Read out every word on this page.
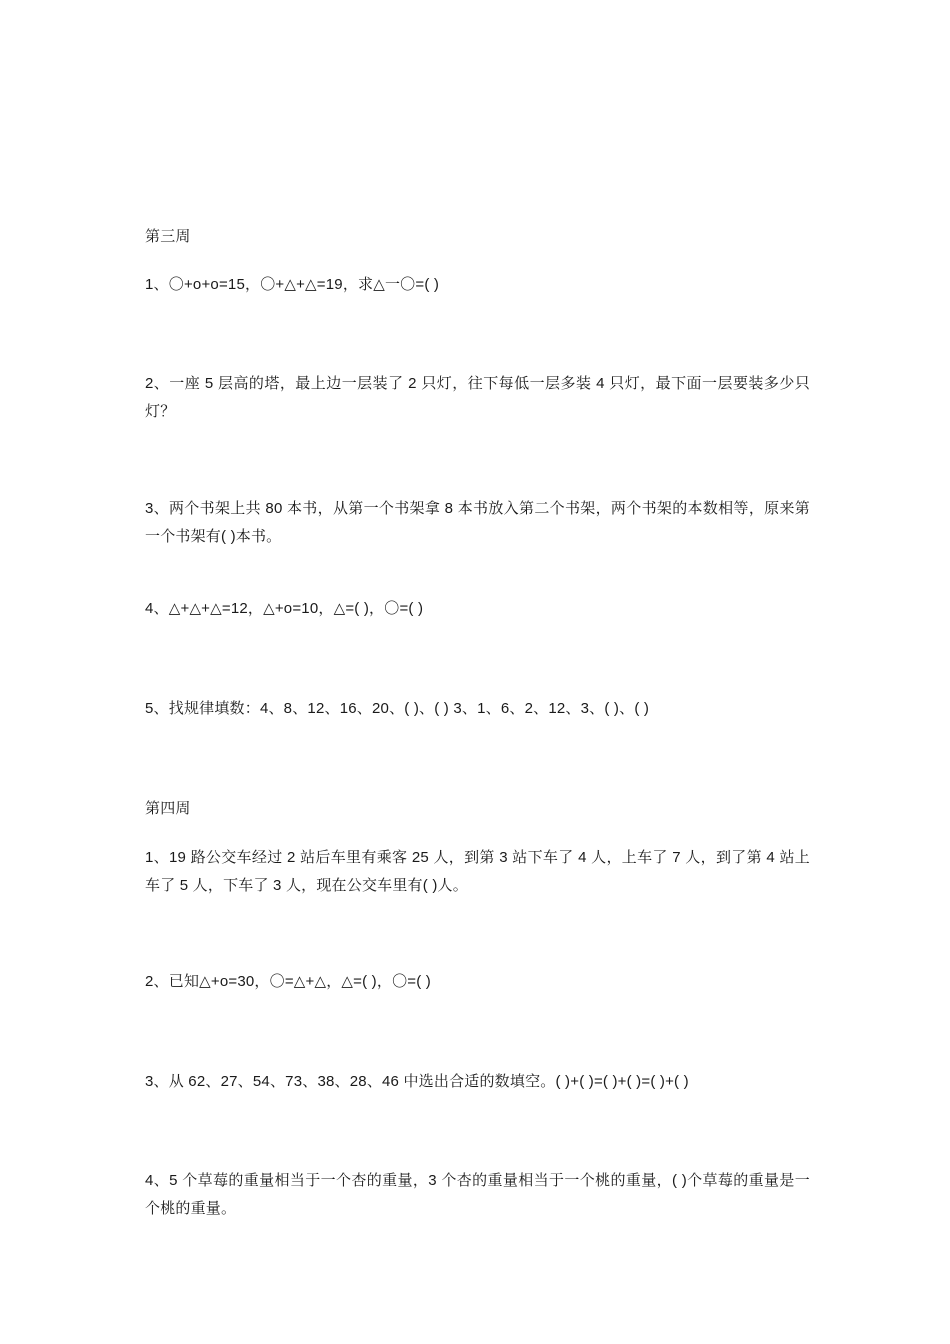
第三周
1、〇+o+o=15，〇+△+△=19，求△一〇=( )
2、一座 5 层高的塔，最上边一层装了 2 只灯，往下每低一层多装 4 只灯，最下面一层要装多少只灯？
3、两个书架上共 80 本书，从第一个书架拿 8 本书放入第二个书架，两个书架的本数相等，原来第一个书架有( )本书。
4、△+△+△=12，△+o=10，△=( )，〇=( )
5、找规律填数：4、8、12、16、20、( )、( ) 3、1、6、2、12、3、( )、( )
第四周
1、19 路公交车经过 2 站后车里有乘客 25 人，到第 3 站下车了 4 人，上车了 7 人，到了第 4 站上车了 5 人，下车了 3 人，现在公交车里有( )人。
2、已知△+o=30，〇=△+△，△=( )，〇=( )
3、从 62、27、54、73、38、28、46 中选出合适的数填空。( )+( )=( )+( )=( )+( )
4、5 个草莓的重量相当于一个杏的重量，3 个杏的重量相当于一个桃的重量，( )个草莓的重量是一个桃的重量。
